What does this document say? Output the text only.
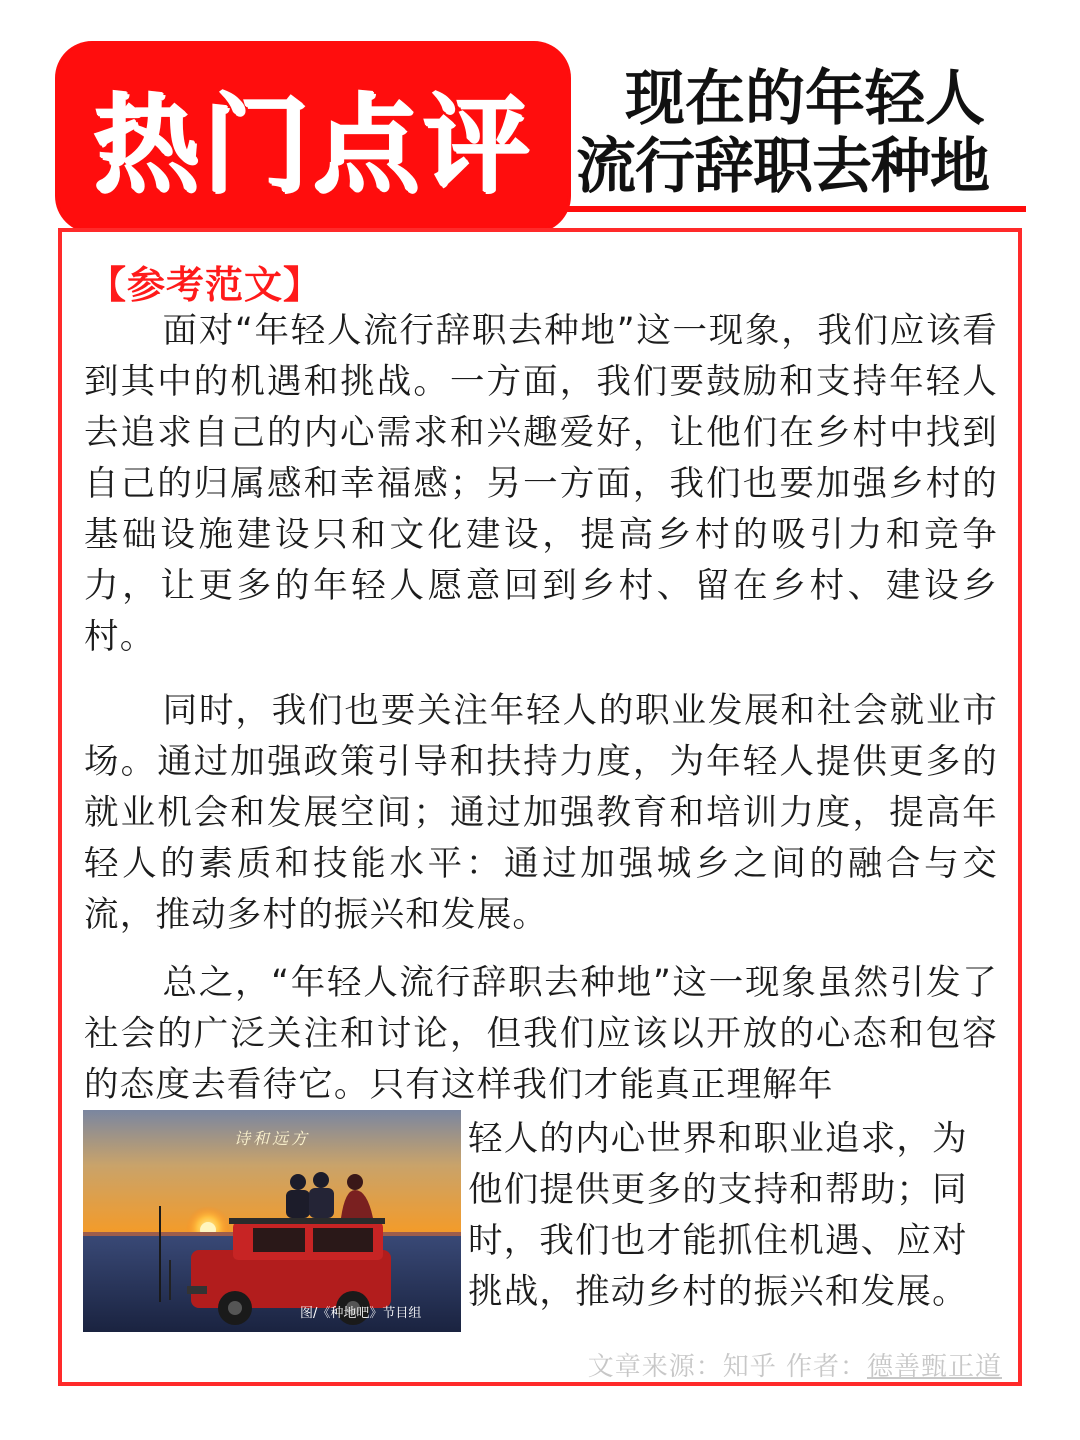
热门点评	现在的年轻人
流行辞职去种地
【参考范文】

面对“年轻人流行辞职去种地”这一现象，我们应该看到其中的机遇和挑战。一方面，我们要鼓励和支持年轻人去追求自己的内心需求和兴趣爱好，让他们在乡村中找到自己的归属感和幸福感；另一方面，我们也要加强乡村的基础设施建设只和文化建设，提高乡村的吸引力和竞争力，让更多的年轻人愿意回到乡村、留在乡村、建设乡村。

同时，我们也要关注年轻人的职业发展和社会就业市场。通过加强政策引导和扶持力度，为年轻人提供更多的就业机会和发展空间；通过加强教育和培训力度，提高年轻人的素质和技能水平：通过加强城乡之间的融合与交流，推动多村的振兴和发展。

总之，“年轻人流行辞职去种地”这一现象虽然引发了社会的广泛关注和讨论，但我们应该以开放的心态和包容的态度去看待它。只有这样我们才能真正理解年

诗和远方
图/《种地吧》节目组

轻人的内心世界和职业追求，为他们提供更多的支持和帮助；同时，我们也才能抓住机遇、应对挑战，推动乡村的振兴和发展。

文章来源：知乎 作者：德善甄正道
